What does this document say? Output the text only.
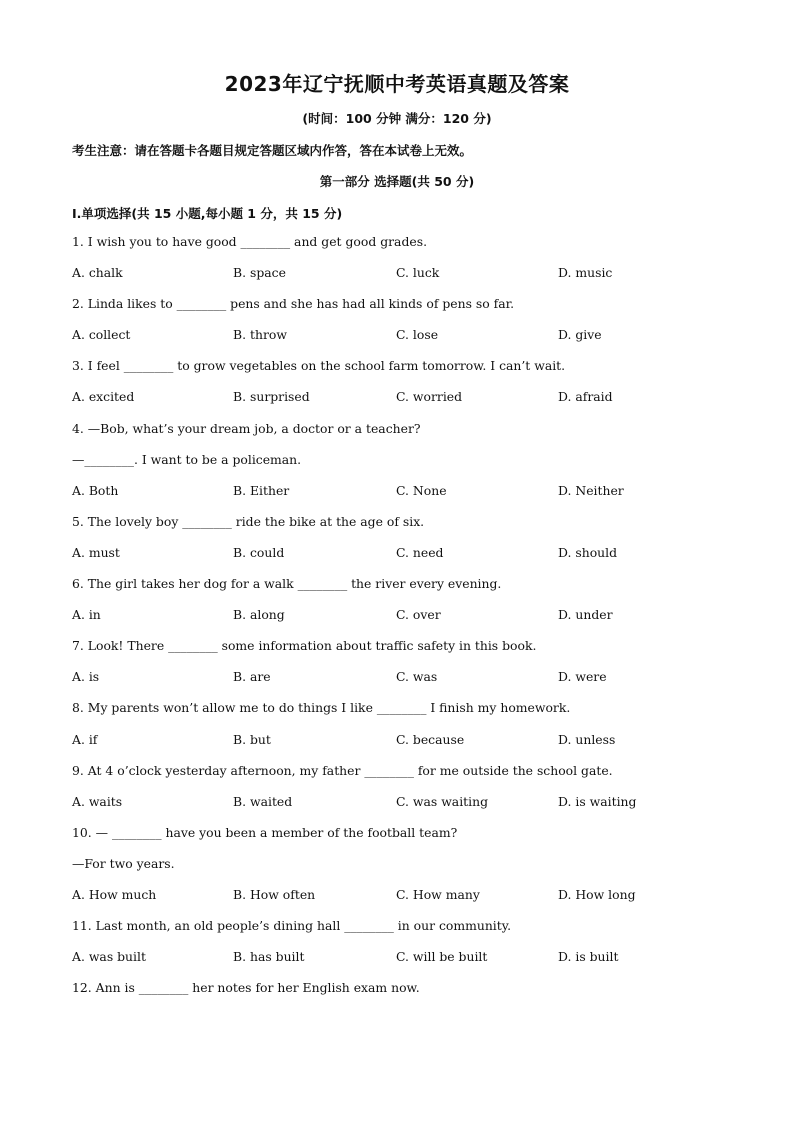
2023年辽宁抚顺中考英语真题及答案
(时间：100 分钟 满分：120 分)
考生注意：请在答题卡各题目规定答题区域内作答，答在本试卷上无效。
第一部分 选择题(共 50 分)
Ⅰ.单项选择(共 15 小题,每小题 1 分，共 15 分)
1. I wish you to have good ________ and get good grades.
A. chalk	B. space	C. luck	D. music
2. Linda likes to ________ pens and she has had all kinds of pens so far.
A. collect	B. throw	C. lose	D. give
3. I feel ________ to grow vegetables on the school farm tomorrow. I can’t wait.
A. excited	B. surprised	C. worried	D. afraid
4. —Bob, what’s your dream job, a doctor or a teacher?
—________. I want to be a policeman.
A. Both	B. Either	C. None	D. Neither
5. The lovely boy ________ ride the bike at the age of six.
A. must	B. could	C. need	D. should
6. The girl takes her dog for a walk ________ the river every evening.
A. in	B. along	C. over	D. under
7. Look! There ________ some information about traffic safety in this book.
A. is	B. are	C. was	D. were
8. My parents won’t allow me to do things I like ________ I finish my homework.
A. if	B. but	C. because	D. unless
9. At 4 o’clock yesterday afternoon, my father ________ for me outside the school gate.
A. waits	B. waited	C. was waiting	D. is waiting
10. — ________ have you been a member of the football team?
—For two years.
A. How much	B. How often	C. How many	D. How long
11. Last month, an old people’s dining hall ________ in our community.
A. was built	B. has built	C. will be built	D. is built
12. Ann is ________ her notes for her English exam now.
